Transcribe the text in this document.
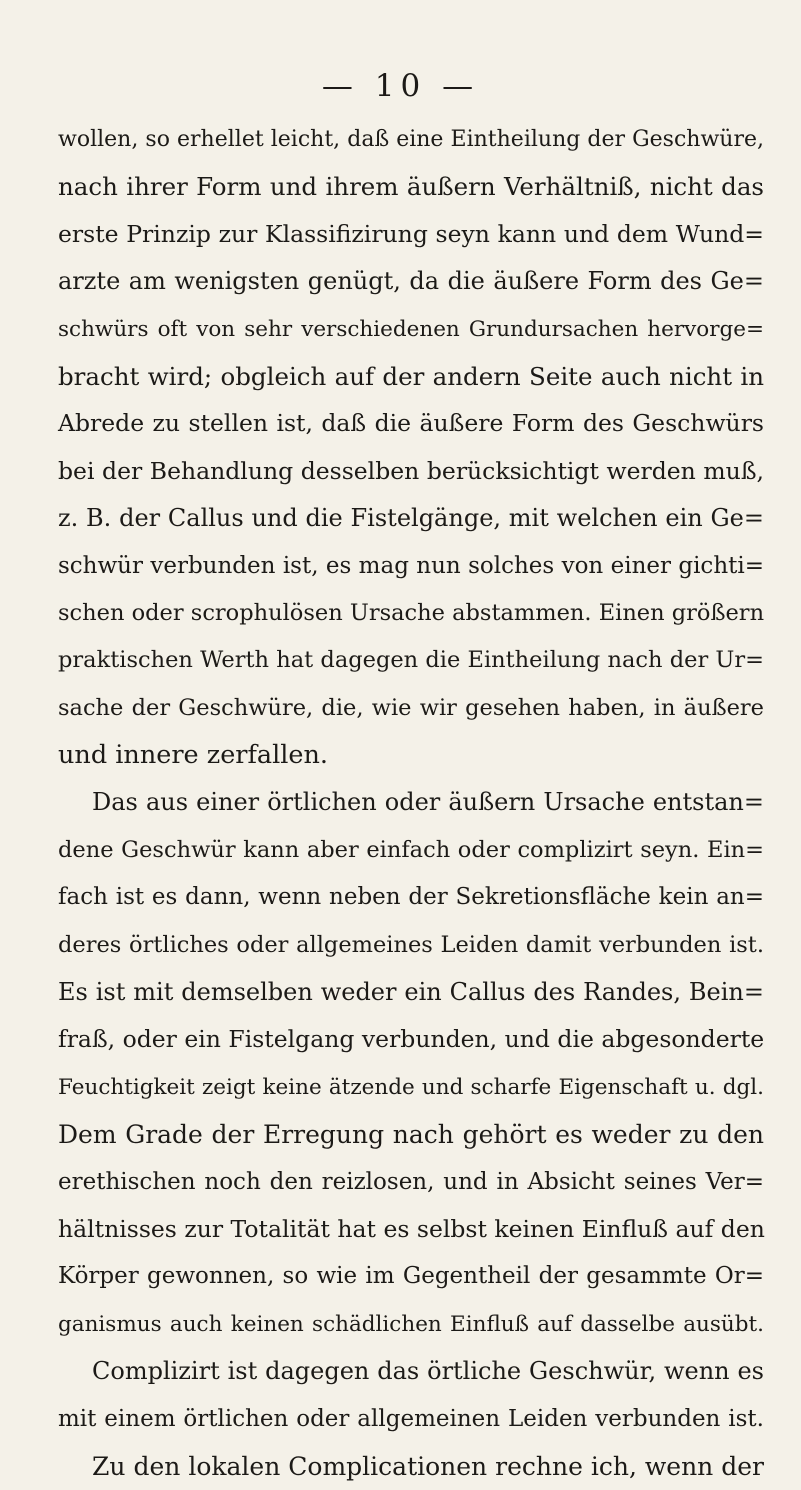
— 10 —
wollen, so erhellet leicht, daß eine Eintheilung der Geschwüre,
nach ihrer Form und ihrem äußern Verhältniß, nicht das
erste Prinzip zur Klassifizirung seyn kann und dem Wund=
arzte am wenigsten genügt, da die äußere Form des Ge=
schwürs oft von sehr verschiedenen Grundursachen hervorge=
bracht wird; obgleich auf der andern Seite auch nicht in
Abrede zu stellen ist, daß die äußere Form des Geschwürs
bei der Behandlung desselben berücksichtigt werden muß,
z. B. der Callus und die Fistelgänge, mit welchen ein Ge=
schwür verbunden ist, es mag nun solches von einer gichti=
schen oder scrophulösen Ursache abstammen. Einen größern
praktischen Werth hat dagegen die Eintheilung nach der Ur=
sache der Geschwüre, die, wie wir gesehen haben, in äußere
und innere zerfallen.
Das aus einer örtlichen oder äußern Ursache entstan=
dene Geschwür kann aber einfach oder complizirt seyn. Ein=
fach ist es dann, wenn neben der Sekretionsfläche kein an=
deres örtliches oder allgemeines Leiden damit verbunden ist.
Es ist mit demselben weder ein Callus des Randes, Bein=
fraß, oder ein Fistelgang verbunden, und die abgesonderte
Feuchtigkeit zeigt keine ätzende und scharfe Eigenschaft u. dgl.
Dem Grade der Erregung nach gehört es weder zu den
erethischen noch den reizlosen, und in Absicht seines Ver=
hältnisses zur Totalität hat es selbst keinen Einfluß auf den
Körper gewonnen, so wie im Gegentheil der gesammte Or=
ganismus auch keinen schädlichen Einfluß auf dasselbe ausübt.
Complizirt ist dagegen das örtliche Geschwür, wenn es
mit einem örtlichen oder allgemeinen Leiden verbunden ist.
Zu den lokalen Complicationen rechne ich, wenn der
